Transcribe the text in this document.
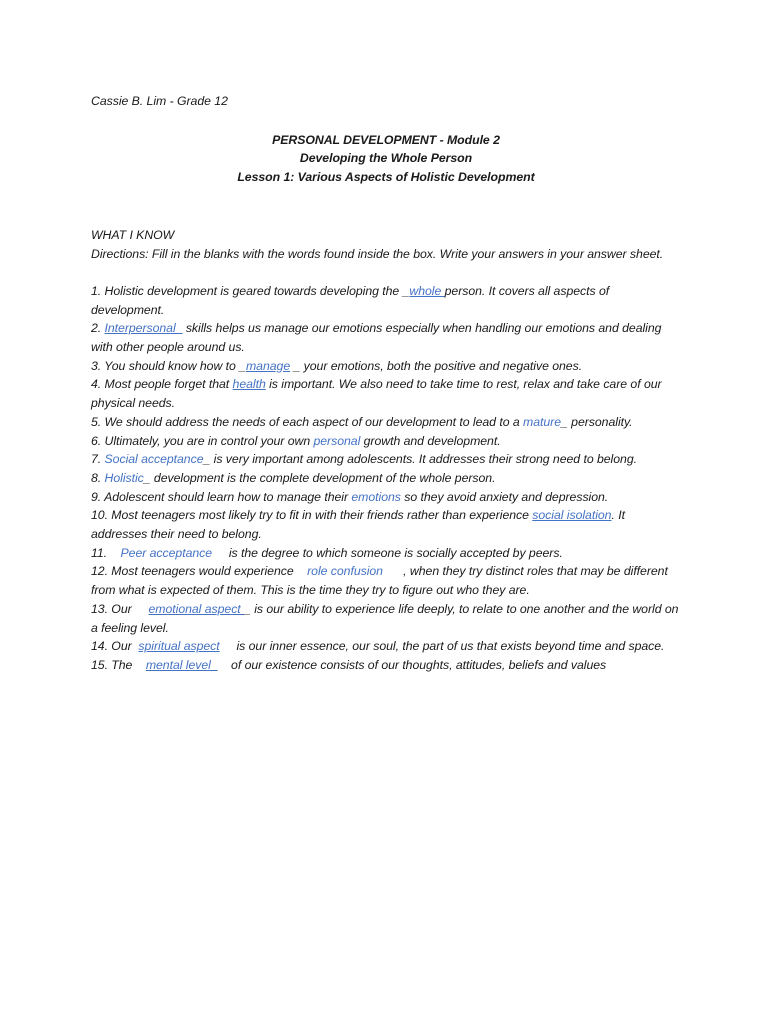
Cassie B. Lim - Grade 12

PERSONAL DEVELOPMENT - Module 2
Developing the Whole Person
Lesson 1: Various Aspects of Holistic Development
WHAT I KNOW

Directions: Fill in the blanks with the words found inside the box. Write your answers in your answer sheet.

1. Holistic development is geared towards developing the _whole person. It covers all aspects of development.

2. Interpersonal_ skills helps us manage our emotions especially when handling our emotions and dealing with other people around us.

3. You should know how to _manage _ your emotions, both the positive and negative ones.

4. Most people forget that health is important. We also need to take time to rest, relax and take care of our physical needs.

5. We should address the needs of each aspect of our development to lead to a mature_ personality.

6. Ultimately, you are in control your own personal growth and development.

7. Social acceptance_ is very important among adolescents. It addresses their strong need to belong.

8. Holistic_ development is the complete development of the whole person.

9. Adolescent should learn how to manage their emotions so they avoid anxiety and depression.

10. Most teenagers most likely try to fit in with their friends rather than experience social isolation. It addresses their need to belong.

11.    Peer acceptance     is the degree to which someone is socially accepted by peers.

12. Most teenagers would experience    role confusion      , when they try distinct roles that may be different from what is expected of them. This is the time they try to figure out who they are.

13. Our     emotional aspect _ is our ability to experience life deeply, to relate to one another and the world on a feeling level.

14. Our  spiritual aspect     is our inner essence, our soul, the part of us that exists beyond time and space.

15. The    mental level      of our existence consists of our thoughts, attitudes, beliefs and values
